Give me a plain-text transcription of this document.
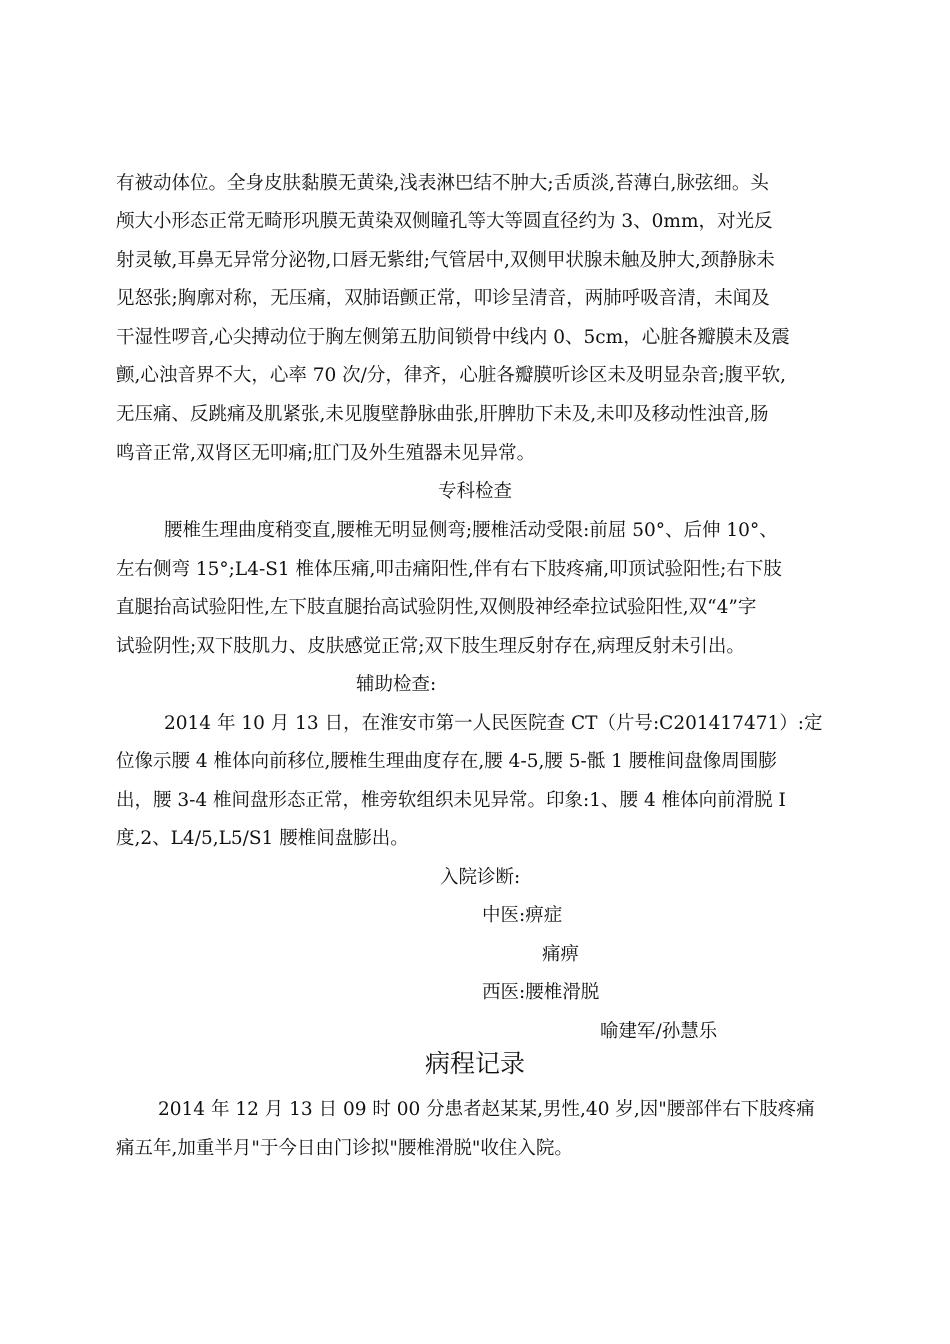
有被动体位。全身皮肤黏膜无黄染,浅表淋巴结不肿大;舌质淡,苔薄白,脉弦细。头
颅大小形态正常无畸形巩膜无黄染双侧瞳孔等大等圆直径约为 3、0mm，对光反
射灵敏,耳鼻无异常分泌物,口唇无紫绀;气管居中,双侧甲状腺未触及肿大,颈静脉未
见怒张;胸廓对称，无压痛，双肺语颤正常，叩诊呈清音，两肺呼吸音清，未闻及
干湿性啰音,心尖搏动位于胸左侧第五肋间锁骨中线内 0、5cm，心脏各瓣膜未及震
颤,心浊音界不大，心率 70 次/分，律齐，心脏各瓣膜听诊区未及明显杂音;腹平软,
无压痛、反跳痛及肌紧张,未见腹壁静脉曲张,肝脾肋下未及,未叩及移动性浊音,肠
鸣音正常,双肾区无叩痛;肛门及外生殖器未见异常。
专科检查
腰椎生理曲度稍变直,腰椎无明显侧弯;腰椎活动受限:前屈 50°、后伸 10°、
左右侧弯 15°;L4-S1 椎体压痛,叩击痛阳性,伴有右下肢疼痛,叩顶试验阳性;右下肢
直腿抬高试验阳性,左下肢直腿抬高试验阴性,双侧股神经牵拉试验阳性,双“4”字
试验阴性;双下肢肌力、皮肤感觉正常;双下肢生理反射存在,病理反射未引出。
辅助检查:
2014 年 10 月 13 日，在淮安市第一人民医院查 CT（片号:C201417471）:定
位像示腰 4 椎体向前移位,腰椎生理曲度存在,腰 4-5,腰 5-骶 1 腰椎间盘像周围膨
出，腰 3-4 椎间盘形态正常，椎旁软组织未见异常。印象:1、腰 4 椎体向前滑脱 I
度,2、L4/5,L5/S1 腰椎间盘膨出。
入院诊断:
中医:痹症
痛痹
西医:腰椎滑脱
喻建军/孙慧乐
病程记录
2014 年 12 月 13 日 09 时 00 分患者赵某某,男性,40 岁,因"腰部伴右下肢疼痛
痛五年,加重半月"于今日由门诊拟"腰椎滑脱"收住入院。
